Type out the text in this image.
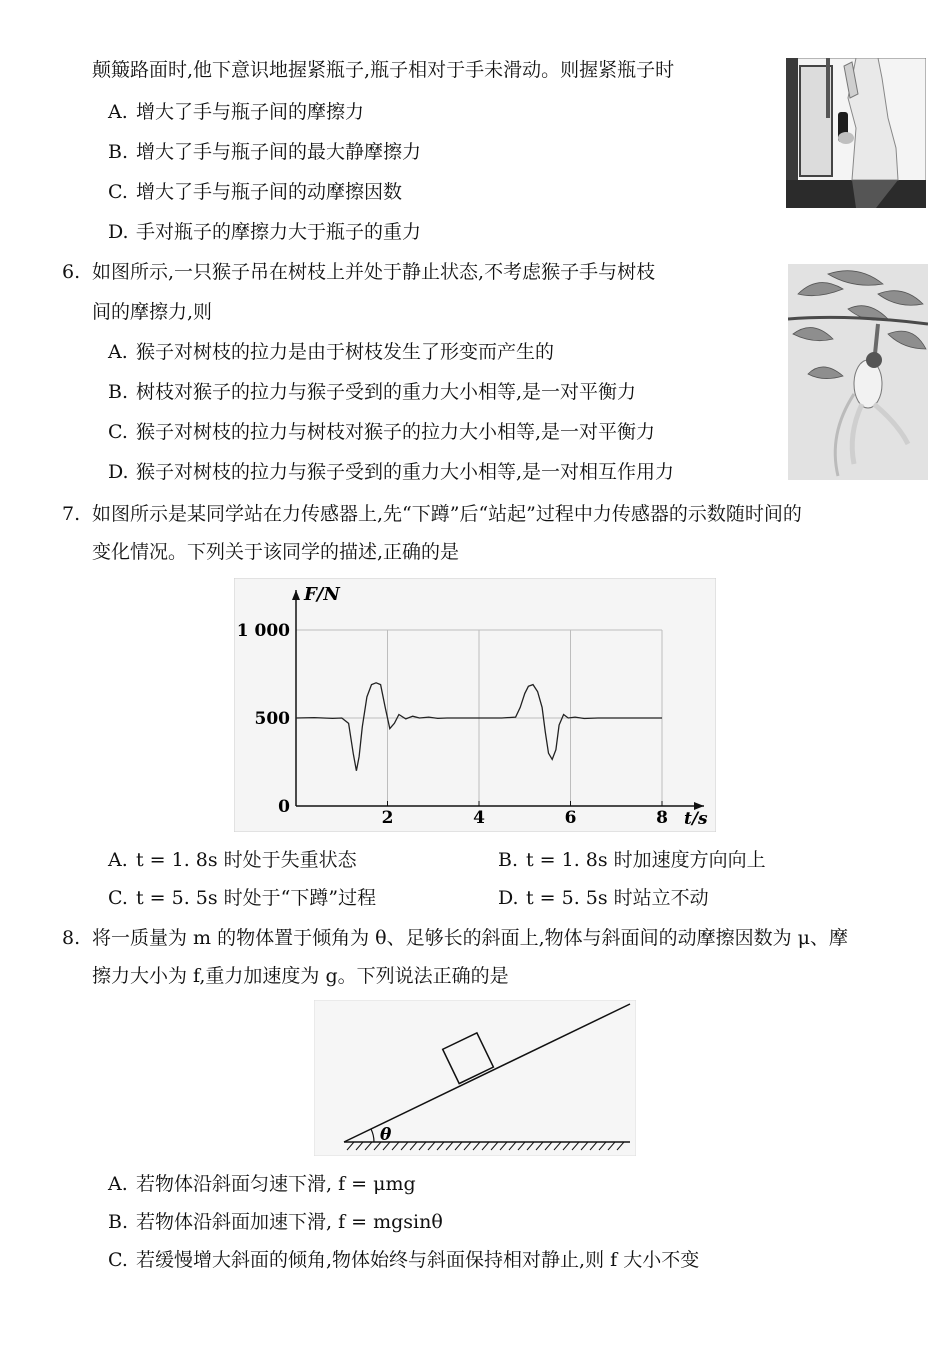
颠簸路面时,他下意识地握紧瓶子,瓶子相对于手未滑动。则握紧瓶子时
A. 增大了手与瓶子间的摩擦力
B. 增大了手与瓶子间的最大静摩擦力
C. 增大了手与瓶子间的动摩擦因数
D. 手对瓶子的摩擦力大于瓶子的重力
6. 如图所示,一只猴子吊在树枝上并处于静止状态,不考虑猴子手与树枝
间的摩擦力,则
A. 猴子对树枝的拉力是由于树枝发生了形变而产生的
B. 树枝对猴子的拉力与猴子受到的重力大小相等,是一对平衡力
C. 猴子对树枝的拉力与树枝对猴子的拉力大小相等,是一对平衡力
D. 猴子对树枝的拉力与猴子受到的重力大小相等,是一对相互作用力
7. 如图所示是某同学站在力传感器上,先“下蹲”后“站起”过程中力传感器的示数随时间的
变化情况。下列关于该同学的描述,正确的是
2	4	6	8
0
500
1 000
F/N
t/s
A. t = 1. 8s 时处于失重状态	B. t = 1. 8s 时加速度方向向上
C. t = 5. 5s 时处于“下蹲”过程	D. t = 5. 5s 时站立不动
8. 将一质量为 m 的物体置于倾角为 θ、足够长的斜面上,物体与斜面间的动摩擦因数为 μ、摩
擦力大小为 f,重力加速度为 g。下列说法正确的是
θ
A. 若物体沿斜面匀速下滑, f = μmg
B. 若物体沿斜面加速下滑, f = mgsinθ
C. 若缓慢增大斜面的倾角,物体始终与斜面保持相对静止,则 f 大小不变
